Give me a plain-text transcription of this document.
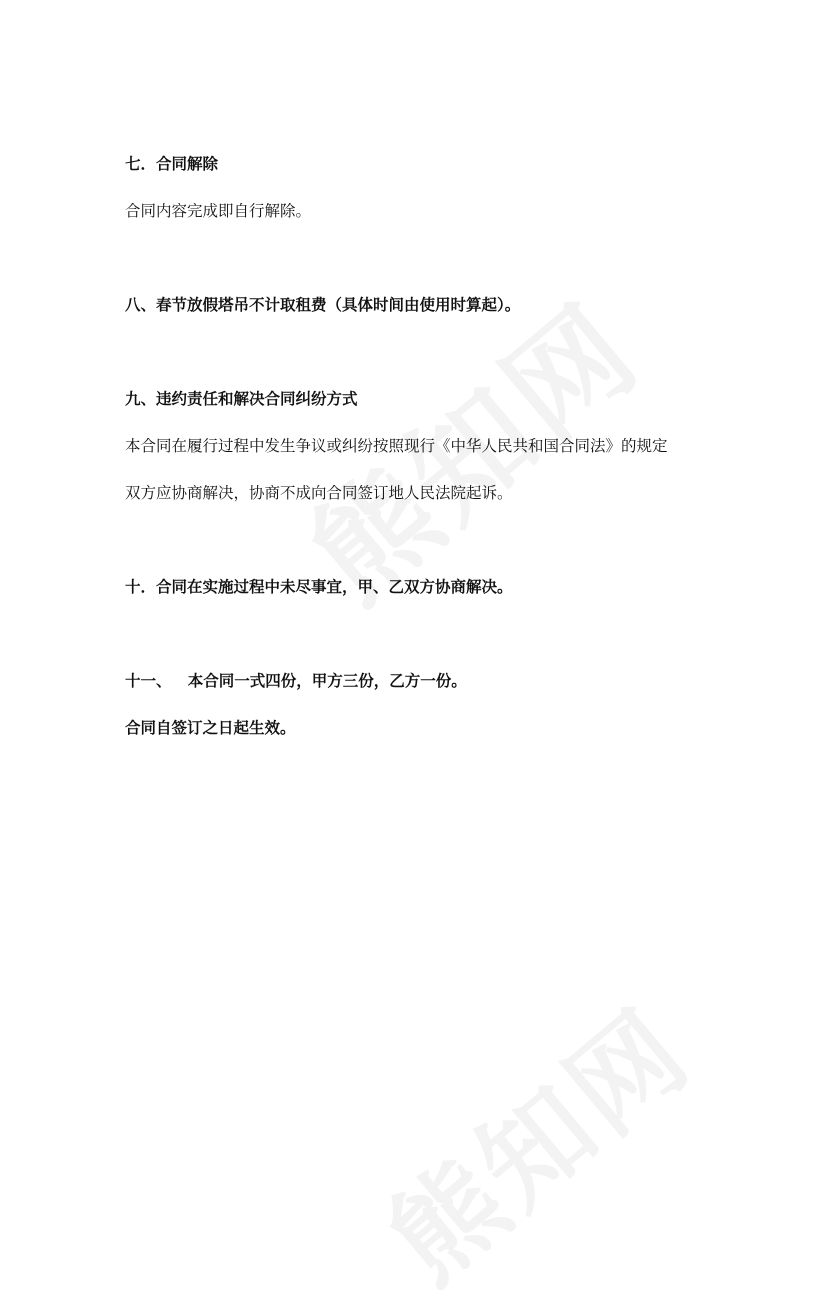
七．合同解除
合同内容完成即自行解除。
八、春节放假塔吊不计取租费（具体时间由使用时算起）。
九、违约责任和解决合同纠纷方式
本合同在履行过程中发生争议或纠纷按照现行《中华人民共和国合同法》的规定
双方应协商解决，协商不成向合同签订地人民法院起诉。
十．合同在实施过程中未尽事宜，甲、乙双方协商解决。
十一、   本合同一式四份，甲方三份，乙方一份。
合同自签订之日起生效。
